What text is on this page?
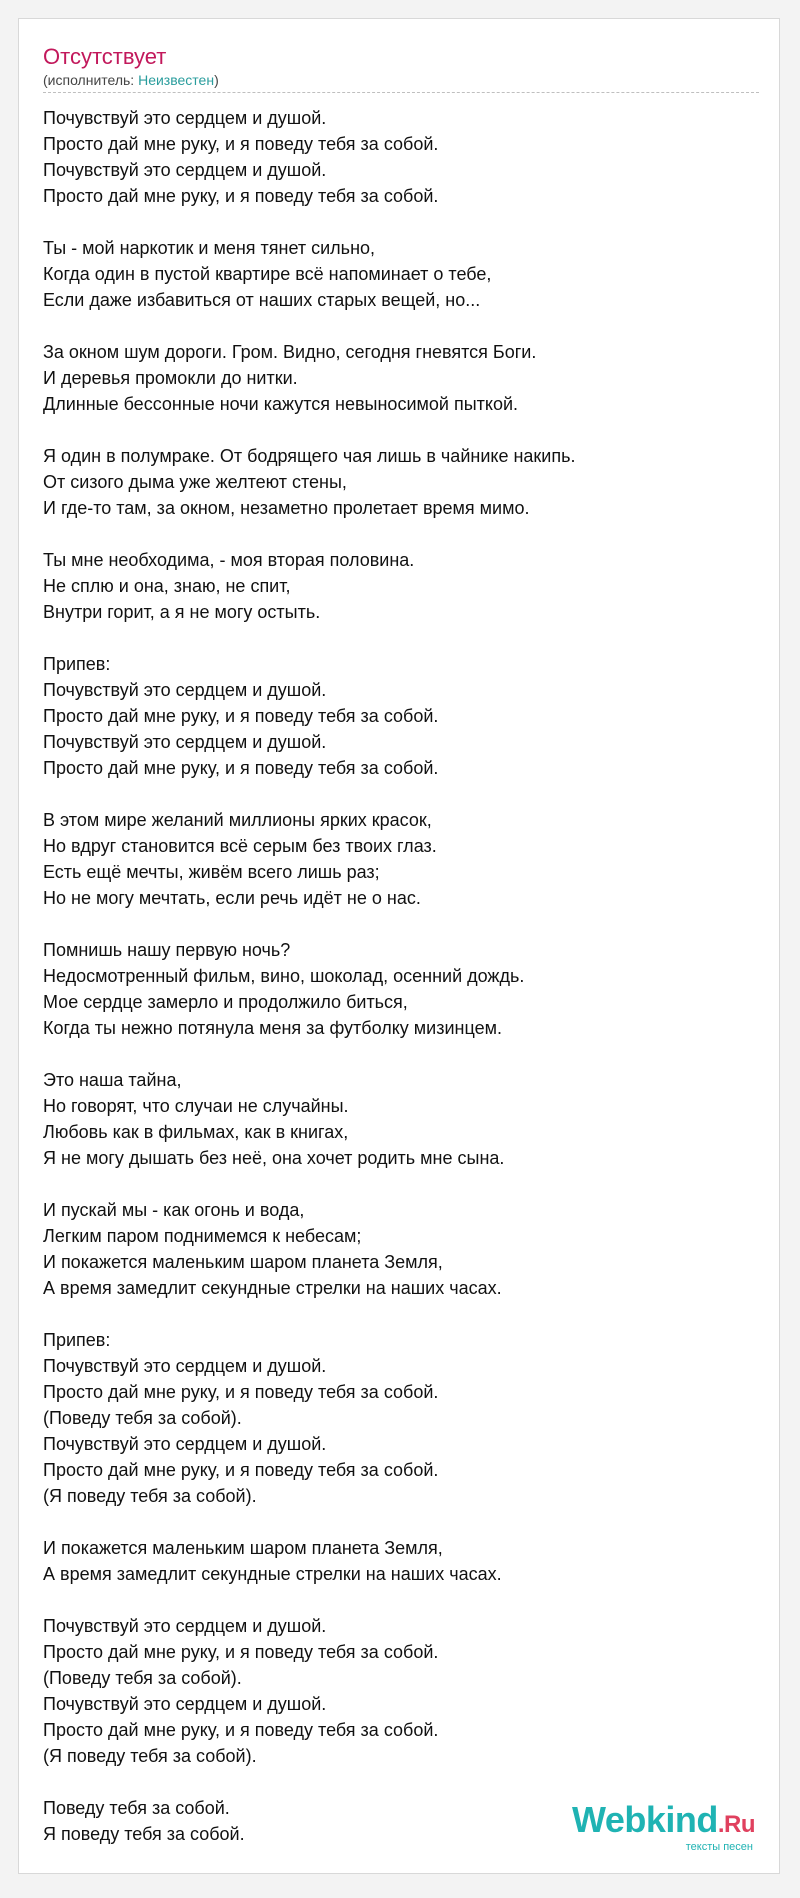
Отсутствует
(исполнитель: Неизвестен)
Почувствуй это сердцем и душой.
Просто дай мне руку, и я поведу тебя за собой.
Почувствуй это сердцем и душой.
Просто дай мне руку, и я поведу тебя за собой.
Ты - мой наркотик и меня тянет сильно,
Когда один в пустой квартире всё напоминает о тебе,
Если даже избавиться от наших старых вещей, но...
За окном шум дороги. Гром. Видно, сегодня гневятся Боги.
И деревья промокли до нитки.
Длинные бессонные ночи кажутся невыносимой пыткой.
Я один в полумраке. От бодрящего чая лишь в чайнике накипь.
От сизого дыма уже желтеют стены,
И где-то там, за окном, незаметно пролетает время мимо.
Ты мне необходима, - моя вторая половина.
Не сплю и она, знаю, не спит,
Внутри горит, а я не могу остыть.
Припев:
Почувствуй это сердцем и душой.
Просто дай мне руку, и я поведу тебя за собой.
Почувствуй это сердцем и душой.
Просто дай мне руку, и я поведу тебя за собой.
В этом мире желаний миллионы ярких красок,
Но вдруг становится всё серым без твоих глаз.
Есть ещё мечты, живём всего лишь раз;
Но не могу мечтать, если речь идёт не о нас.
Помнишь нашу первую ночь?
Недосмотренный фильм, вино, шоколад, осенний дождь.
Мое сердце замерло и продолжило биться,
Когда ты нежно потянула меня за футболку мизинцем.
Это наша тайна,
Но говорят, что случаи не случайны.
Любовь как в фильмах, как в книгах,
Я не могу дышать без неё, она хочет родить мне сына.
И пускай мы - как огонь и вода,
Легким паром поднимемся к небесам;
И покажется маленьким шаром планета Земля,
А время замедлит секундные стрелки на наших часах.
Припев:
Почувствуй это сердцем и душой.
Просто дай мне руку, и я поведу тебя за собой.
(Поведу тебя за собой).
Почувствуй это сердцем и душой.
Просто дай мне руку, и я поведу тебя за собой.
(Я поведу тебя за собой).
И покажется маленьким шаром планета Земля,
А время замедлит секундные стрелки на наших часах.
Почувствуй это сердцем и душой.
Просто дай мне руку, и я поведу тебя за собой.
(Поведу тебя за собой).
Почувствуй это сердцем и душой.
Просто дай мне руку, и я поведу тебя за собой.
(Я поведу тебя за собой).
Поведу тебя за собой.
Я поведу тебя за собой.	Webkind.Ru
тексты песен
